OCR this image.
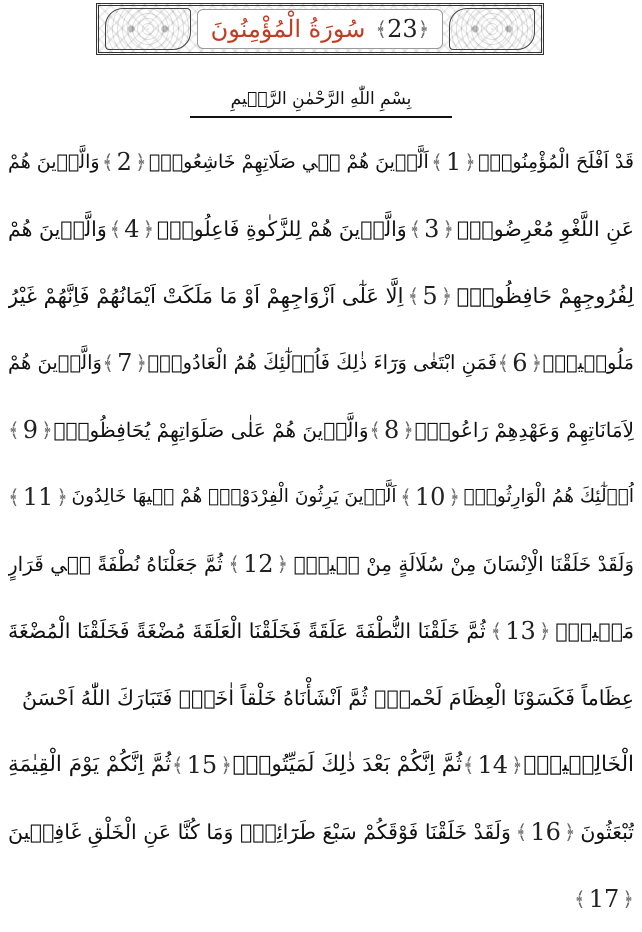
﴾ 23 ﴿
سُورَةُ الْمُؤْمِنُونَ
بِسْمِ اللّٰهِ الرَّحْمٰنِ الرَّح۪يمِ
قَدْ اَفْلَحَ الْمُؤْمِنُونَۙ
﴾ 1 ﴿
اَلَّذ۪ينَ هُمْ ف۪ي صَلَاتِهِمْ خَاشِعُونَۙ
﴾ 2 ﴿
وَالَّذ۪ينَ هُمْ
عَنِ اللَّغْوِ مُعْرِضُونَۙ
﴾ 3 ﴿
وَالَّذ۪ينَ هُمْ لِلزَّكٰوةِ فَاعِلُونَۙ
﴾ 4 ﴿
وَالَّذ۪ينَ هُمْ
لِفُرُوجِهِمْ حَافِظُونَۙ
﴾ 5 ﴿
اِلَّا عَلٰٓى اَزْوَاجِهِمْ اَوْ مَا مَلَكَتْ اَيْمَانُهُمْ فَاِنَّهُمْ غَيْرُ
مَلُوم۪ينَۚ
﴾ 6 ﴿
فَمَنِ ابْتَغٰى وَرَٓاءَ ذٰلِكَ فَاُو۬لٰٓئِكَ هُمُ الْعَادُونَۚ
﴾ 7 ﴿
وَالَّذ۪ينَ هُمْ
لِاَمَانَاتِهِمْ وَعَهْدِهِمْ رَاعُونَۙ
﴾ 8 ﴿
وَالَّذ۪ينَ هُمْ عَلٰى صَلَوَاتِهِمْ يُحَافِظُونَۢ
﴾ 9 ﴿
اُو۬لٰٓئِكَ هُمُ الْوَارِثُونَۙ
﴾ 10 ﴿
اَلَّذ۪ينَ يَرِثُونَ الْفِرْدَوْسَۜ هُمْ ف۪يهَا خَالِدُونَ
﴾ 11 ﴿
وَلَقَدْ خَلَقْنَا الْاِنْسَانَ مِنْ سُلَالَةٍ مِنْ ط۪ينٍۚ
﴾ 12 ﴿
ثُمَّ جَعَلْنَاهُ نُطْفَةً ف۪ي قَرَارٍ
مَك۪ينٍۖ
﴾ 13 ﴿
ثُمَّ خَلَقْنَا النُّطْفَةَ عَلَقَةً فَخَلَقْنَا الْعَلَقَةَ مُضْغَةً فَخَلَقْنَا الْمُضْغَةَ
عِظَاماً فَكَسَوْنَا الْعِظَامَ لَحْماًۗ ثُمَّ اَنْشَأْنَاهُ خَلْقاً اٰخَرَۜ فَتَبَارَكَ اللّٰهُ اَحْسَنُ
الْخَالِق۪ينَۜ
﴾ 14 ﴿
ثُمَّ اِنَّكُمْ بَعْدَ ذٰلِكَ لَمَيِّتُونَۜ
﴾ 15 ﴿
ثُمَّ اِنَّكُمْ يَوْمَ الْقِيٰمَةِ
تُبْعَثُونَ
﴾ 16 ﴿
وَلَقَدْ خَلَقْنَا فَوْقَكُمْ سَبْعَ طَرَٓائِقَۗ وَمَا كُنَّا عَنِ الْخَلْقِ غَافِل۪ينَ
﴾ 17 ﴿
